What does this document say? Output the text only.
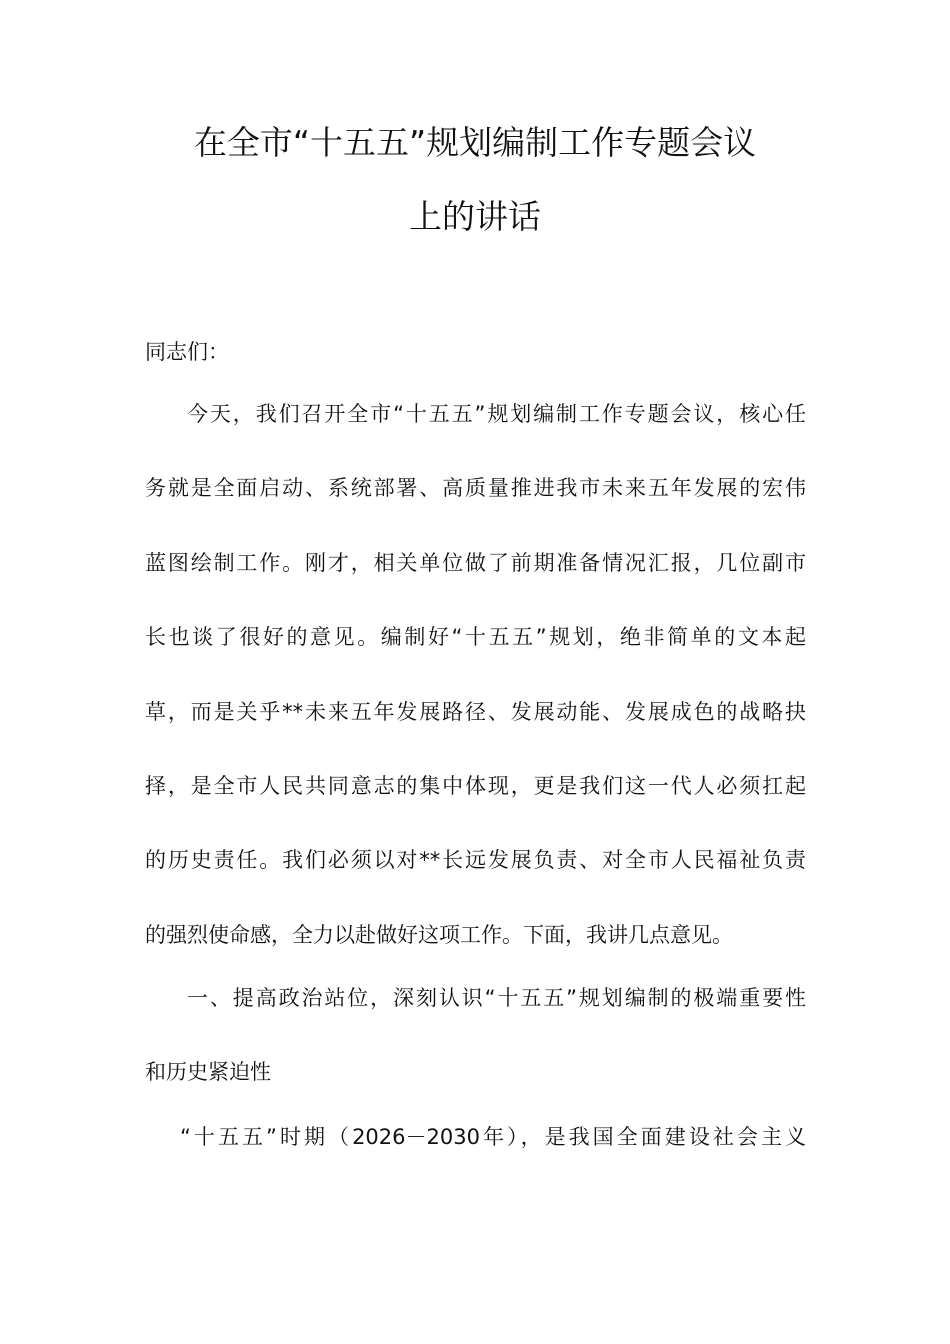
在全市“十五五”规划编制工作专题会议
上的讲话
同志们：
今天，我们召开全市“十五五”规划编制工作专题会议，核心任
务就是全面启动、系统部署、高质量推进我市未来五年发展的宏伟
蓝图绘制工作。刚才，相关单位做了前期准备情况汇报，几位副市
长也谈了很好的意见。编制好“十五五”规划，绝非简单的文本起
草，而是关乎**未来五年发展路径、发展动能、发展成色的战略抉
择，是全市人民共同意志的集中体现，更是我们这一代人必须扛起
的历史责任。我们必须以对**长远发展负责、对全市人民福祉负责
的强烈使命感，全力以赴做好这项工作。下面，我讲几点意见。
一、提高政治站位，深刻认识“十五五”规划编制的极端重要性
和历史紧迫性
“十五五”时期（2026－2030年），是我国全面建设社会主义
